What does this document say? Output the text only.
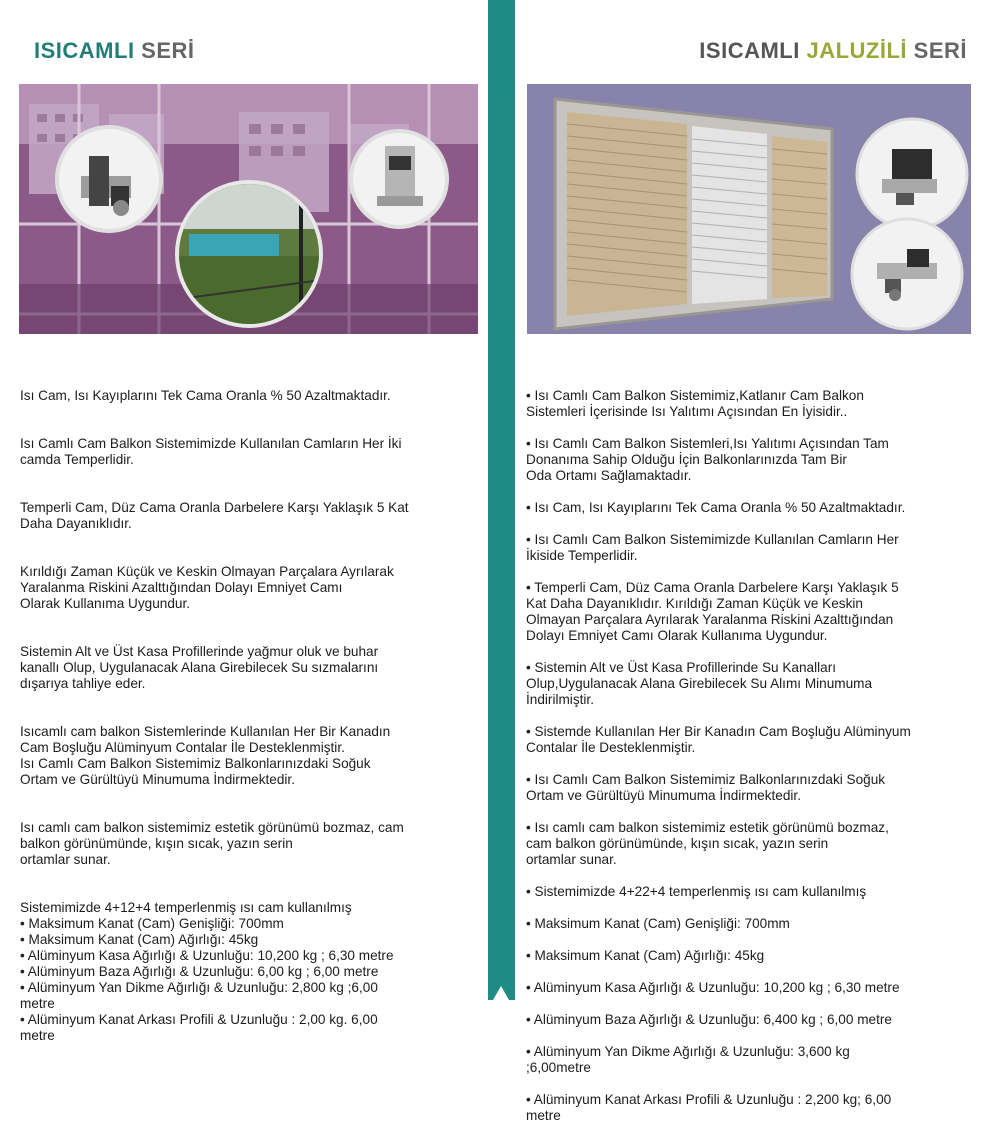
ISICAMLI SERİ	ISICAMLI JALUZİLİ SERİ

Isı Cam, Isı Kayıplarını Tek Cama Oranla % 50 Azaltmaktadır.

Isı Camlı Cam Balkon Sistemimizde Kullanılan Camların Her İki
camda Temperlidir.

Temperli Cam, Düz Cama Oranla Darbelere Karşı Yaklaşık 5 Kat
Daha Dayanıklıdır.

Kırıldığı Zaman Küçük ve Keskin Olmayan Parçalara Ayrılarak
Yaralanma Riskini Azalttığından Dolayı Emniyet Camı
Olarak Kullanıma Uygundur.

Sistemin Alt ve Üst Kasa Profillerinde yağmur oluk ve buhar
kanallı Olup, Uygulanacak Alana Girebilecek Su sızmalarını
dışarıya tahliye eder.

Isıcamlı cam balkon Sistemlerinde Kullanılan Her Bir Kanadın
Cam Boşluğu Alüminyum Contalar İle Desteklenmiştir.
Isı Camlı Cam Balkon Sistemimiz Balkonlarınızdaki Soğuk
Ortam ve Gürültüyü Minumuma İndirmektedir.

Isı camlı cam balkon sistemimiz estetik görünümü bozmaz, cam
balkon görünümünde, kışın sıcak, yazın serin
ortamlar sunar.

Sistemimizde 4+12+4 temperlenmiş ısı cam kullanılmış
• Maksimum Kanat (Cam) Genişliği: 700mm
• Maksimum Kanat (Cam) Ağırlığı: 45kg
• Alüminyum Kasa Ağırlığı & Uzunluğu: 10,200 kg ; 6,30 metre
• Alüminyum Baza Ağırlığı & Uzunluğu: 6,00 kg ; 6,00 metre
• Alüminyum Yan Dikme Ağırlığı & Uzunluğu: 2,800 kg ;6,00
metre
• Alüminyum Kanat Arkası Profili & Uzunluğu : 2,00 kg. 6,00
metre

• Isı Camlı Cam Balkon Sistemimiz,Katlanır Cam Balkon
Sistemleri İçerisinde Isı Yalıtımı Açısından En İyisidir..

• Isı Camlı Cam Balkon Sistemleri,Isı Yalıtımı Açısından Tam
Donanıma Sahip Olduğu İçin Balkonlarınızda Tam Bir
Oda Ortamı Sağlamaktadır.

• Isı Cam, Isı Kayıplarını Tek Cama Oranla % 50 Azaltmaktadır.

• Isı Camlı Cam Balkon Sistemimizde Kullanılan Camların Her
İkiside Temperlidir.

• Temperli Cam, Düz Cama Oranla Darbelere Karşı Yaklaşık 5
Kat Daha Dayanıklıdır. Kırıldığı Zaman Küçük ve Keskin
Olmayan Parçalara Ayrılarak Yaralanma Riskini Azalttığından
Dolayı Emniyet Camı Olarak Kullanıma Uygundur.

• Sistemin Alt ve Üst Kasa Profillerinde Su Kanalları
Olup,Uygulanacak Alana Girebilecek Su Alımı Minumuma
İndirilmiştir.

• Sistemde Kullanılan Her Bir Kanadın Cam Boşluğu Alüminyum
Contalar İle Desteklenmiştir.

• Isı Camlı Cam Balkon Sistemimiz Balkonlarınızdaki Soğuk
Ortam ve Gürültüyü Minumuma İndirmektedir.

• Isı camlı cam balkon sistemimiz estetik görünümü bozmaz,
cam balkon görünümünde, kışın sıcak, yazın serin
ortamlar sunar.

• Sistemimizde 4+22+4 temperlenmiş ısı cam kullanılmış

• Maksimum Kanat (Cam) Genişliği: 700mm

• Maksimum Kanat (Cam) Ağırlığı: 45kg

• Alüminyum Kasa Ağırlığı & Uzunluğu: 10,200 kg ; 6,30 metre

• Alüminyum Baza Ağırlığı & Uzunluğu: 6,400 kg ; 6,00 metre

• Alüminyum Yan Dikme Ağırlığı & Uzunluğu: 3,600 kg
;6,00metre

• Alüminyum Kanat Arkası Profili & Uzunluğu : 2,200 kg; 6,00
metre
